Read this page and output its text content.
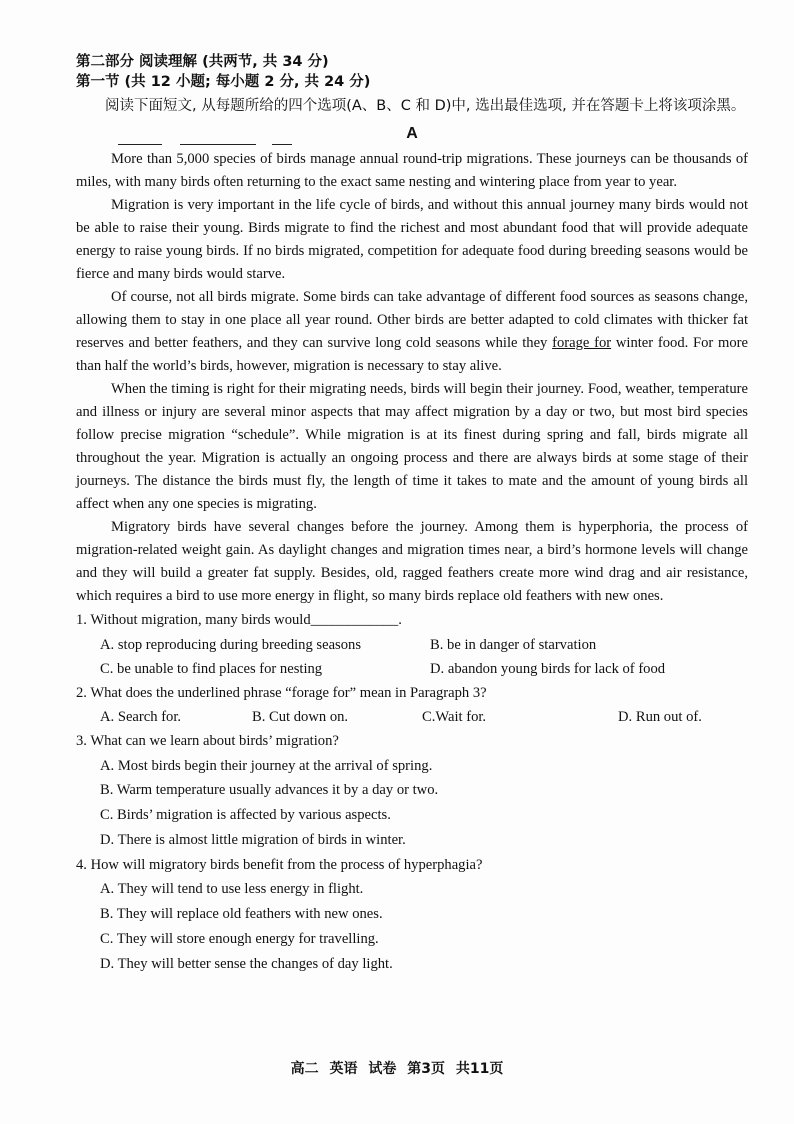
第二部分 阅读理解 (共两节, 共 34 分)

第一节 (共 12 小题; 每小题 2 分, 共 24 分)

阅读下面短文, 从每题所给的四个选项(A、B、C 和 D)中, 选出最佳选项, 并在答题卡上将该项涂黑。

A

More than 5,000 species of birds manage annual round-trip migrations. These journeys can be thousands of miles, with many birds often returning to the exact same nesting and wintering place from year to year.

Migration is very important in the life cycle of birds, and without this annual journey many birds would not be able to raise their young. Birds migrate to find the richest and most abundant food that will provide adequate energy to raise young birds. If no birds migrated, competition for adequate food during breeding seasons would be fierce and many birds would starve.

Of course, not all birds migrate. Some birds can take advantage of different food sources as seasons change, allowing them to stay in one place all year round. Other birds are better adapted to cold climates with thicker fat reserves and better feathers, and they can survive long cold seasons while they forage for winter food. For more than half the world’s birds, however, migration is necessary to stay alive.

When the timing is right for their migrating needs, birds will begin their journey. Food, weather, temperature and illness or injury are several minor aspects that may affect migration by a day or two, but most bird species follow precise migration “schedule”. While migration is at its finest during spring and fall, birds migrate all throughout the year. Migration is actually an ongoing process and there are always birds at some stage of their journeys. The distance the birds must fly, the length of time it takes to mate and the amount of young birds all affect when any one species is migrating.

Migratory birds have several changes before the journey. Among them is hyperphoria, the process of migration-related weight gain. As daylight changes and migration times near, a bird’s hormone levels will change and they will build a greater fat supply. Besides, old, ragged feathers create more wind drag and air resistance, which requires a bird to use more energy in flight, so many birds replace old feathers with new ones.

1. Without migration, many birds would____________.

A. stop reproducing during breeding seasons	B. be in danger of starvation
C. be unable to find places for nesting	D. abandon young birds for lack of food

2. What does the underlined phrase “forage for” mean in Paragraph 3?

A. Search for.	B. Cut down on.	C.Wait for.	D. Run out of.

3. What can we learn about birds’ migration?

A. Most birds begin their journey at the arrival of spring.
B. Warm temperature usually advances it by a day or two.
C. Birds’ migration is affected by various aspects.
D. There is almost little migration of birds in winter.

4. How will migratory birds benefit from the process of hyperphagia?

A. They will tend to use less energy in flight.
B. They will replace old feathers with new ones.
C. They will store enough energy for travelling.
D. They will better sense the changes of day light.
高二 英语 试卷 第3页 共11页
